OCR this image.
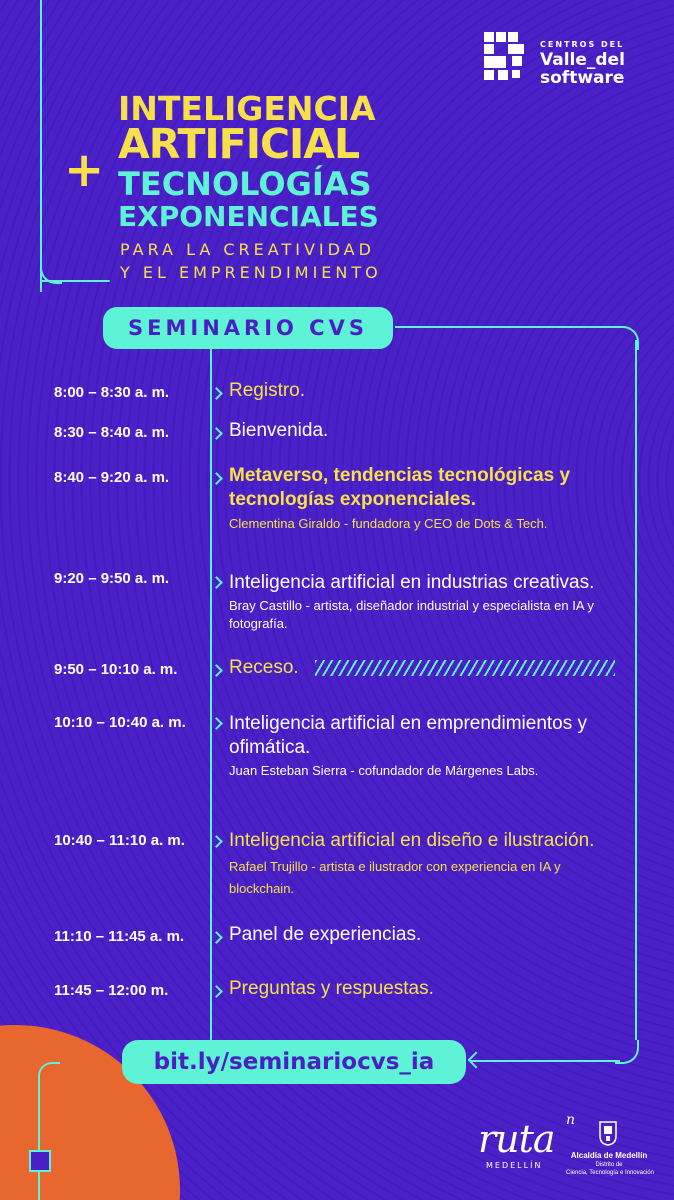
CENTROS DEL
Valle_del
software
INTELIGENCIA
ARTIFICIAL
+ TECNOLOGÍAS
EXPONENCIALES
PARA LA CREATIVIDAD
Y EL EMPRENDIMIENTO
SEMINARIO CVS
8:00 – 8:30 a. m.	Registro.
8:30 – 8:40 a. m.	Bienvenida.
8:40 – 9:20 a. m.	Metaverso, tendencias tecnológicas y
tecnologías exponenciales.
Clementina Giraldo - fundadora y CEO de Dots & Tech.
9:20 – 9:50 a. m.	Inteligencia artificial en industrias creativas.
Bray Castillo - artista, diseñador industrial y especialista en IA y
fotografía.
9:50 – 10:10 a. m.	Receso.
10:10 – 10:40 a. m.	Inteligencia artificial en emprendimientos y
ofimática.
Juan Esteban Sierra - cofundador de Márgenes Labs.
10:40 – 11:10 a. m.	Inteligencia artificial en diseño e ilustración.
Rafael Trujillo - artista e ilustrador con experiencia en IA y
blockchain.
11:10 – 11:45 a. m.	Panel de experiencias.
11:45 – 12:00 m.	Preguntas y respuestas.
bit.ly/seminariocvs_ia
ruta n
MEDELLÍN
Alcaldía de Medellín
Distrito de
Ciencia, Tecnología e Innovación
